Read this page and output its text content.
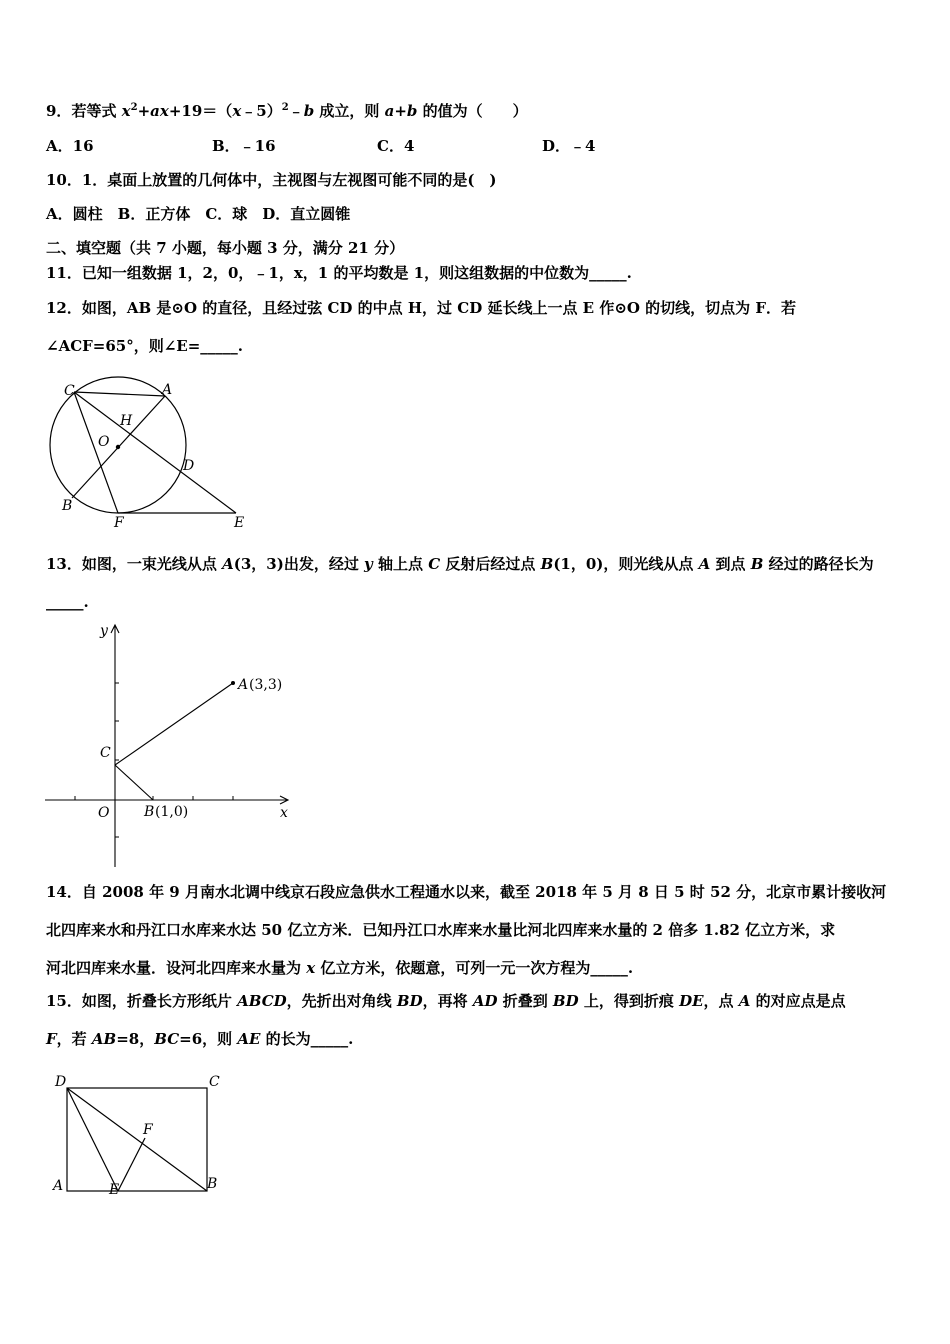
9．若等式 $x^2+ax+19=(x﹣5)^2﹣b$ 成立，则 a+b 的值为（　　）
A．16	B．﹣16	C．4	D．﹣4
10．1．桌面上放置的几何体中，主视图与左视图可能不同的是(　)
A．圆柱　B．正方体　C．球　D．直立圆锥
二、填空题（共 7 小题，每小题 3 分，满分 21 分）
11．已知一组数据 1，2，0，﹣1，x，1 的平均数是 1，则这组数据的中位数为_____.
12．如图，AB 是⊙O 的直径，且经过弦 CD 的中点 H，过 CD 延长线上一点 E 作⊙O 的切线，切点为 F．若
∠ACF=65°，则∠E=_____.
C	A
H
O
D
B
F	E
13．如图，一束光线从点 A(3，3)出发，经过 y 轴上点 C 反射后经过点 B(1，0)，则光线从点 A 到点 B 经过的路径长为
_____.
y
x
O
C
A (3,3)
B (1,0)
14．自 2008 年 9 月南水北调中线京石段应急供水工程通水以来，截至 2018 年 5 月 8 日 5 时 52 分，北京市累计接收河
北四库来水和丹江口水库来水达 50 亿立方米．已知丹江口水库来水量比河北四库来水量的 2 倍多 1.82 亿立方米，求
河北四库来水量．设河北四库来水量为 x 亿立方米，依题意，可列一元一次方程为_____.
15．如图，折叠长方形纸片 ABCD，先折出对角线 BD，再将 AD 折叠到 BD 上，得到折痕 DE，点 A 的对应点是点
F，若 AB=8，BC=6，则 AE 的长为_____.
D	C
F
A	E	B
